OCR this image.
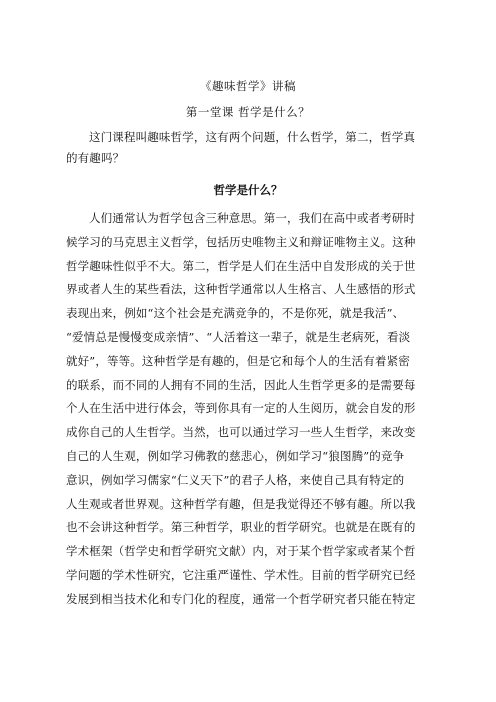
《趣味哲学》讲稿
第一堂课 哲学是什么？
这门课程叫趣味哲学，这有两个问题，什么哲学，第二，哲学真
的有趣吗？
哲学是什么？
人们通常认为哲学包含三种意思。第一，我们在高中或者考研时
候学习的马克思主义哲学，包括历史唯物主义和辩证唯物主义。这种
哲学趣味性似乎不大。第二，哲学是人们在生活中自发形成的关于世
界或者人生的某些看法，这种哲学通常以人生格言、人生感悟的形式
表现出来，例如“这个社会是充满竞争的，不是你死，就是我活”、
“爱情总是慢慢变成亲情”、“人活着这一辈子，就是生老病死，看淡
就好”，等等。这种哲学是有趣的，但是它和每个人的生活有着紧密
的联系，而不同的人拥有不同的生活，因此人生哲学更多的是需要每
个人在生活中进行体会，等到你具有一定的人生阅历，就会自发的形
成你自己的人生哲学。当然，也可以通过学习一些人生哲学，来改变
自己的人生观，例如学习佛教的慈悲心，例如学习“狼图腾”的竞争
意识，例如学习儒家“仁义天下”的君子人格，来使自己具有特定的
人生观或者世界观。这种哲学有趣，但是我觉得还不够有趣。所以我
也不会讲这种哲学。第三种哲学，职业的哲学研究。也就是在既有的
学术框架（哲学史和哲学研究文献）内，对于某个哲学家或者某个哲
学问题的学术性研究，它注重严谨性、学术性。目前的哲学研究已经
发展到相当技术化和专门化的程度，通常一个哲学研究者只能在特定
